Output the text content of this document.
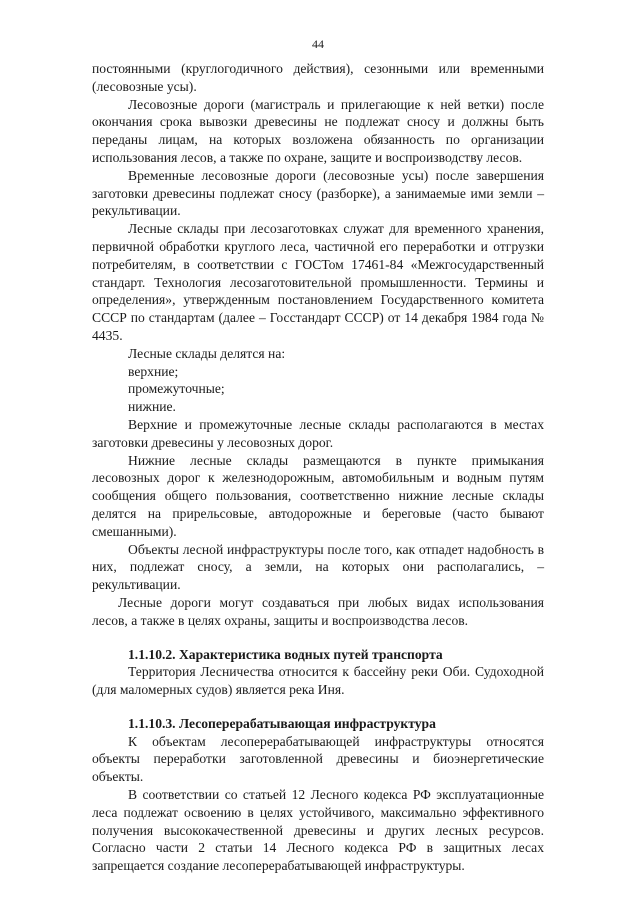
44

постоянными (круглогодичного действия), сезонными или временными (лесовозные усы).

Лесовозные дороги (магистраль и прилегающие к ней ветки) после окончания срока вывозки древесины не подлежат сносу и должны быть переданы лицам, на которых возложена обязанность по организации использования лесов, а также по охране, защите и воспроизводству лесов.

Временные лесовозные дороги (лесовозные усы) после завершения заготовки древесины подлежат сносу (разборке), а занимаемые ими земли – рекультивации.

Лесные склады при лесозаготовках служат для временного хранения, первичной обработки круглого леса, частичной его переработки и отгрузки потребителям, в соответствии с ГОСТом 17461-84 «Межгосударственный стандарт. Технология лесозаготовительной промышленности. Термины и определения», утвержденным постановлением Государственного комитета СССР по стандартам (далее – Госстандарт СССР) от 14 декабря 1984 года № 4435.

Лесные склады делятся на:

верхние;

промежуточные;

нижние.

Верхние и промежуточные лесные склады располагаются в местах заготовки древесины у лесовозных дорог.

Нижние лесные склады размещаются в пункте примыкания лесовозных дорог к железнодорожным, автомобильным и водным путям сообщения общего пользования, соответственно нижние лесные склады делятся на прирельсовые, автодорожные и береговые (часто бывают смешанными).

Объекты лесной инфраструктуры после того, как отпадет надобность в них, подлежат сносу, а земли, на которых они располагались, – рекультивации.

Лесные дороги могут создаваться при любых видах использования лесов, а также в целях охраны, защиты и воспроизводства лесов.

1.1.10.2. Характеристика водных путей транспорта

Территория Лесничества относится к бассейну реки Оби. Судоходной (для маломерных судов) является река Иня.

1.1.10.3. Лесоперерабатывающая инфраструктура

К объектам лесоперерабатывающей инфраструктуры относятся объекты переработки заготовленной древесины и биоэнергетические объекты.

В соответствии со статьей 12 Лесного кодекса РФ эксплуатационные леса подлежат освоению в целях устойчивого, максимально эффективного получения высококачественной древесины и других лесных ресурсов. Согласно части 2 статьи 14 Лесного кодекса РФ в защитных лесах запрещается создание лесоперерабатывающей инфраструктуры.
